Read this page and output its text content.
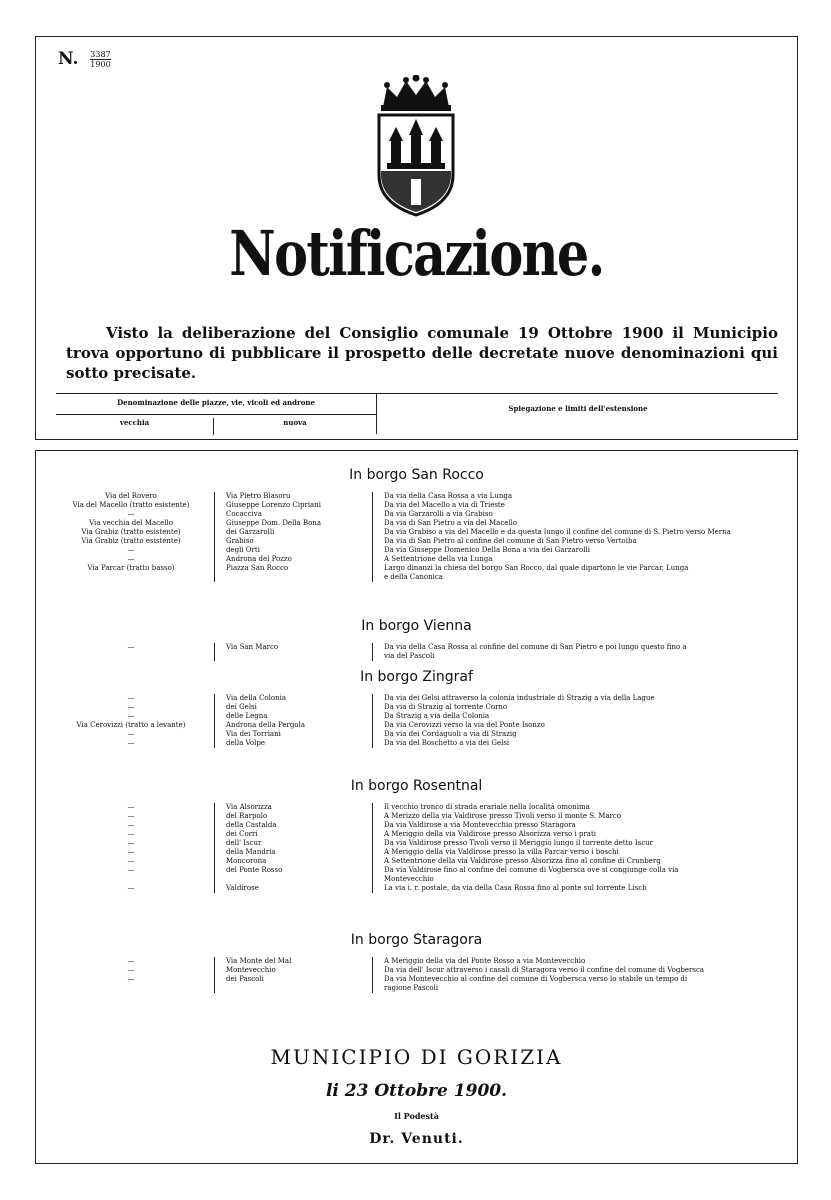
N. $\frac{3387}{1900}$
Notificazione.
Visto la deliberazione del Consiglio comunale 19 Ottobre 1900 il Municipio trova opportuno di pubblicare il prospetto delle decretate nuove denominazioni qui sotto precisate.
Denominazione delle piazze, vie, vicoli ed androne
vecchia	nuova
Spiegazione e limiti dell'estensione
In borgo San Rocco
Via del Rovero	Via Pietro Blasoru	Da via della Casa Rossa a via Lunga
Via del Macello (tratto esistente)	Giuseppe Lorenzo Cipriani	Da via del Macello a via di Trieste
—	Cocacciva	Da via Garzarolli a via Grabiso
Via vecchia del Macello	Giuseppe Dom. Della Bona	Da via di San Pietro a via del Macello
Via Grabiz (tratto esistente)	dei Garzarolli	Da via Grabiso a via del Macello e da questa lungo il confine del comune di S. Pietro verso Merna
Via Grabiz (tratto esistente)	Grabiso	Da via di San Pietro al confine del comune di San Pietro verso Vertoiba
—	degli Orti	Da via Giuseppe Domenico Della Bona a via dei Garzarolli
—	Androna del Pozzo	A Settentrione della via Lunga
Via Parcar (tratto basso)	Piazza San Rocco	Largo dinanzi la chiesa del borgo San Rocco, dal quale dipartono le vie Parcar, Lunga
e della Canonica
In borgo Vienna
—	Via San Marco	Da via della Casa Rossa al confine del comune di San Pietro e poi lungo questo fino a
via del Pascoli
In borgo Zingraf
—	Via della Colonia	Da via dei Gelsi attraverso la colonia industriale di Strazig a via della Lague
—	dei Gelsi	Da via di Strazig al torrente Corno
—	delle Legna	Da Strazig a via della Colonia
Via Cerovizzi (tratto a levante)	Androna della Pergola	Da via Cerovizzi verso la via del Ponte Isonzo
—	Via dei Torriani	Da via dei Cordaguoli a via di Strazig
—	della Volpe	Da via del Boschetto a via dei Gelsi
In borgo Rosentnal
—	Via Alsorizza	Il vecchio tronco di strada erariale nella località omonima
—	del Rarpolo	A Merizzo della via Valdirose presso Tivoli verso il monte S. Marco
—	della Castalda	Da via Valdirose a via Montevecchio presso Staragora
—	dei Corri	A Meriggio della via Valdirose presso Alsorizza verso i prati
—	dell' Iscur	Da via Valdirose presso Tivoli verso il Meriggio lungo il torrente detto Iscur
—	della Mandria	A Meriggio della via Valdirose presso la villa Parcar verso i boschi
—	Moncorona	A Settentrione della via Valdirose presso Alsorizza fino al confine di Crunberg
—	del Ponte Rosso	Da via Valdirose fino al confine del comune di Vogbersca ove si congiunge colla via
Montevecchio
—	Valdirose	La via i. r. postale, da via della Casa Rossa fino al ponte sul torrente Lisch
In borgo Staragora
—	Via Monte del Mal	A Meriggio della via del Ponte Rosso a via Montevecchio
—	Montevecchio	Da via dell' Iscur attraverso i casali di Staragora verso il confine del comune di Vogbersca
—	dei Pascoli	Da via Montevecchio al confine del comune di Vogbersca verso lo stabile un tempo di
ragione Pascoli
MUNICIPIO DI GORIZIA
li 23 Ottobre 1900.
Il Podestà
Dr. Venuti.
